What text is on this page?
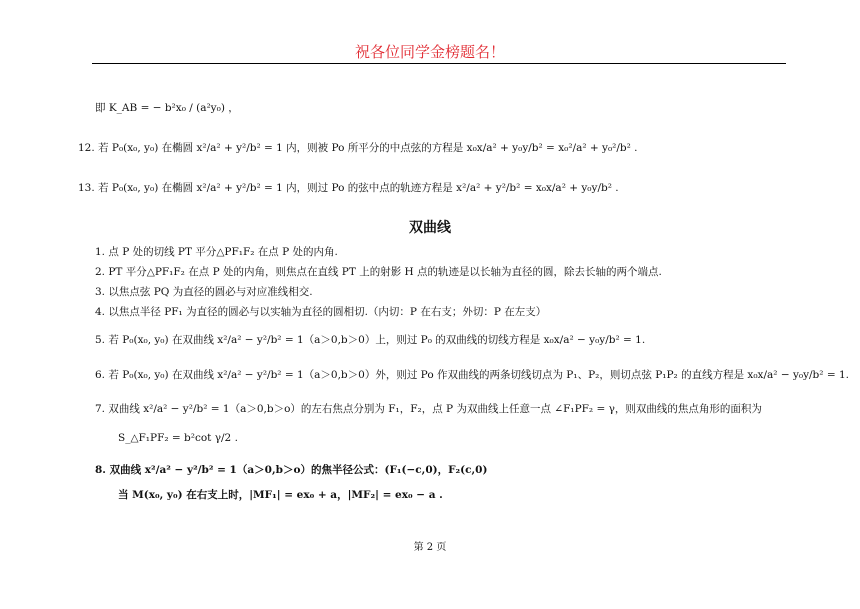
祝各位同学金榜题名！
即 K_AB = − b²x₀ / (a²y₀) ，
12. 若 P₀(x₀, y₀) 在椭圆 x²/a² + y²/b² = 1 内，则被 Po 所平分的中点弦的方程是 x₀x/a² + y₀y/b² = x₀²/a² + y₀²/b² .
13. 若 P₀(x₀, y₀) 在椭圆 x²/a² + y²/b² = 1 内，则过 Po 的弦中点的轨迹方程是 x²/a² + y²/b² = x₀x/a² + y₀y/b² .
双曲线
1. 点 P 处的切线 PT 平分△PF₁F₂ 在点 P 处的内角.
2. PT 平分△PF₁F₂ 在点 P 处的内角，则焦点在直线 PT 上的射影 H 点的轨迹是以长轴为直径的圆，除去长轴的两个端点.
3. 以焦点弦 PQ 为直径的圆必与对应准线相交.
4. 以焦点半径 PF₁ 为直径的圆必与以实轴为直径的圆相切.（内切：P 在右支；外切：P 在左支）
5. 若 P₀(x₀, y₀) 在双曲线 x²/a² − y²/b² = 1（a＞0,b＞0）上，则过 P₀ 的双曲线的切线方程是 x₀x/a² − y₀y/b² = 1.
6. 若 P₀(x₀, y₀) 在双曲线 x²/a² − y²/b² = 1（a＞0,b＞0）外，则过 Po 作双曲线的两条切线切点为 P₁、P₂，则切点弦 P₁P₂ 的直线方程是 x₀x/a² − y₀y/b² = 1.
7. 双曲线 x²/a² − y²/b² = 1（a＞0,b＞o）的左右焦点分别为 F₁，F₂，点 P 为双曲线上任意一点 ∠F₁PF₂ = γ，则双曲线的焦点角形的面积为
S_△F₁PF₂ = b²cot γ/2 .
8. 双曲线 x²/a² − y²/b² = 1（a＞0,b＞o）的焦半径公式：(F₁(−c,0)，F₂(c,0)
当 M(x₀, y₀) 在右支上时，|MF₁| = ex₀ + a，|MF₂| = ex₀ − a .
第 2 页
